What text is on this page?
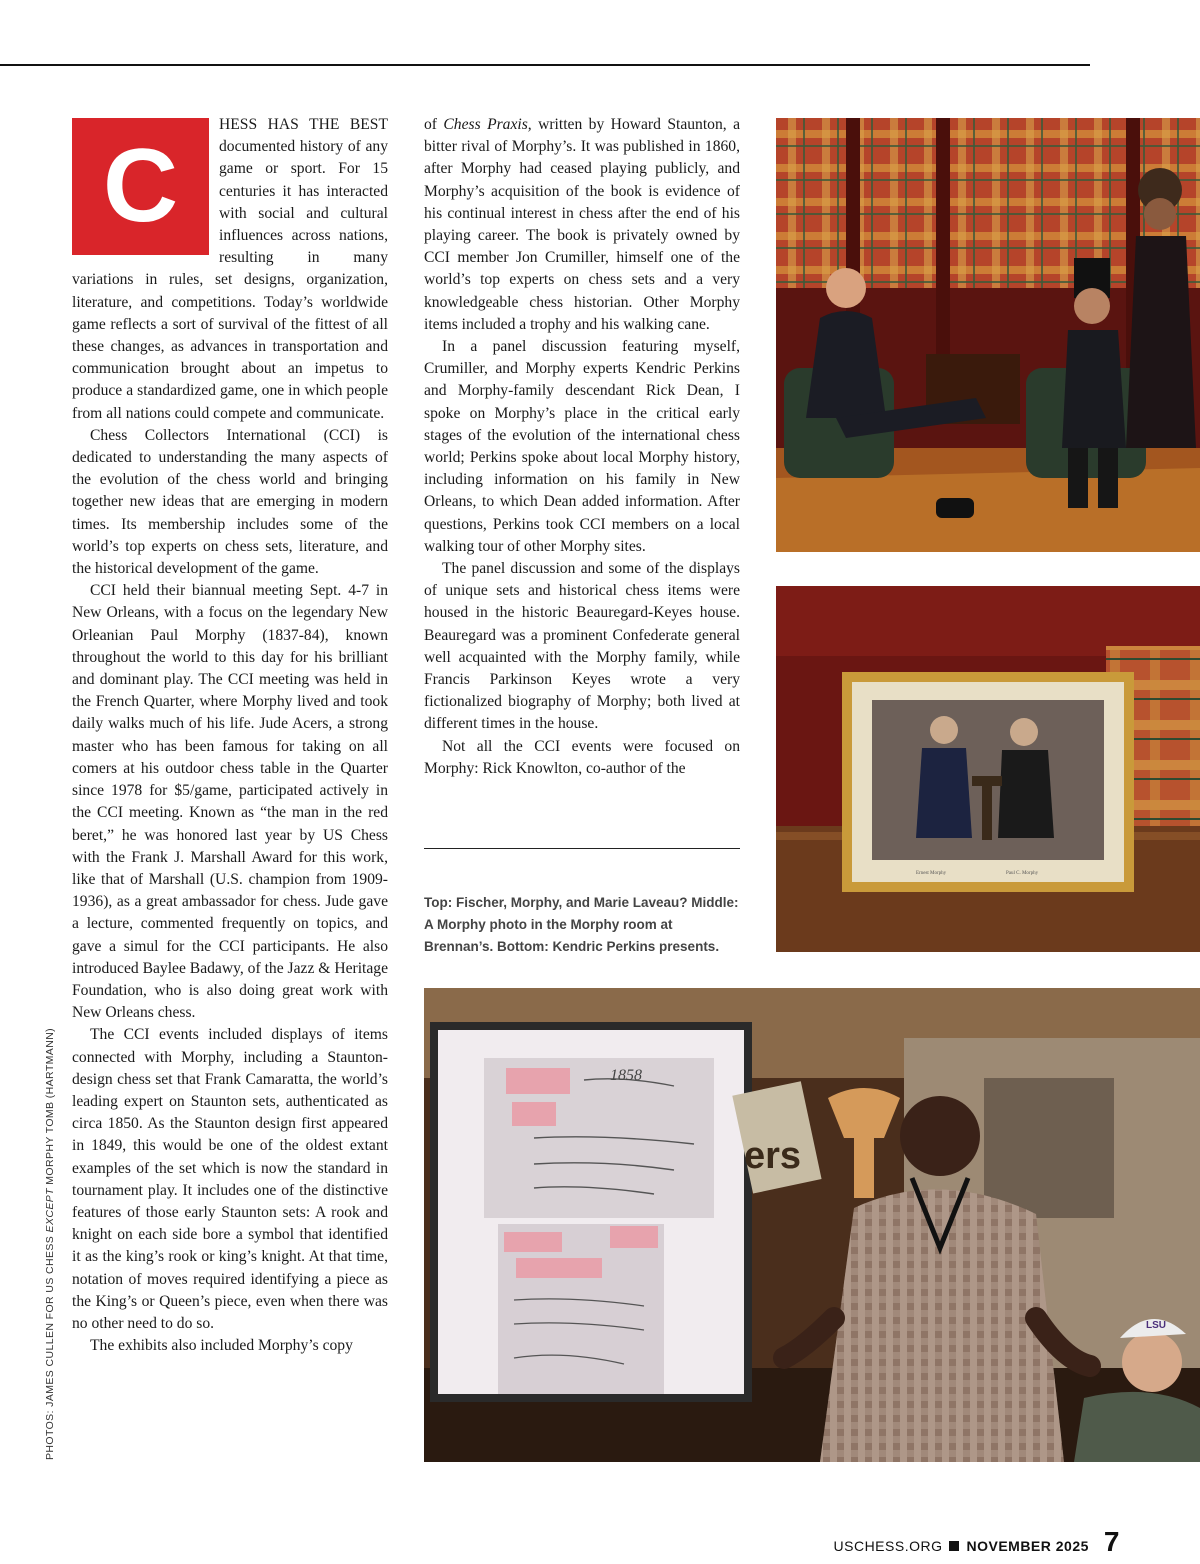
C

HESS HAS THE BEST documented history of any game or sport. For 15 centuries it has interacted with social and cultural influences across nations, resulting in many variations in rules, set designs, organization, literature, and competitions. Today’s worldwide game reflects a sort of survival of the fittest of all these changes, as advances in transportation and communication brought about an impetus to produce a standardized game, one in which people from all nations could compete and communicate.

Chess Collectors International (CCI) is dedicated to understanding the many aspects of the evolution of the chess world and bringing together new ideas that are emerging in modern times. Its membership includes some of the world’s top experts on chess sets, literature, and the historical development of the game.

CCI held their biannual meeting Sept. 4-7 in New Orleans, with a focus on the legendary New Orleanian Paul Morphy (1837-84), known throughout the world to this day for his brilliant and dominant play. The CCI meeting was held in the French Quarter, where Morphy lived and took daily walks much of his life. Jude Acers, a strong master who has been famous for taking on all comers at his outdoor chess table in the Quarter since 1978 for $5/game, participated actively in the CCI meeting. Known as “the man in the red beret,” he was honored last year by US Chess with the Frank J. Marshall Award for this work, like that of Marshall (U.S. champion from 1909-1936), as a great ambassador for chess. Jude gave a lecture, commented frequently on topics, and gave a simul for the CCI participants. He also introduced Baylee Badawy, of the Jazz & Heritage Foundation, who is also doing great work with New Orleans chess.

The CCI events included displays of items connected with Morphy, including a Staunton-design chess set that Frank Camaratta, the world’s leading expert on Staunton sets, authenticated as circa 1850. As the Staunton design first appeared in 1849, this would be one of the oldest extant examples of the set which is now the standard in tournament play. It includes one of the distinctive features of those early Staunton sets: A rook and knight on each side bore a symbol that identified it as the king’s rook or king’s knight. At that time, notation of moves required identifying a piece as the King’s or Queen’s piece, even when there was no other need to do so.

The exhibits also included Morphy’s copy

of Chess Praxis, written by Howard Staunton, a bitter rival of Morphy’s. It was published in 1860, after Morphy had ceased playing publicly, and Morphy’s acquisition of the book is evidence of his continual interest in chess after the end of his playing career. The book is privately owned by CCI member Jon Crumiller, himself one of the world’s top experts on chess sets and a very knowledgeable chess historian. Other Morphy items included a trophy and his walking cane.

In a panel discussion featuring myself, Crumiller, and Morphy experts Kendric Perkins and Morphy-family descendant Rick Dean, I spoke on Morphy’s place in the critical early stages of the evolution of the international chess world; Perkins spoke about local Morphy history, including information on his family in New Orleans, to which Dean added information. After questions, Perkins took CCI members on a local walking tour of other Morphy sites.

The panel discussion and some of the displays of unique sets and historical chess items were housed in the historic Beauregard-Keyes house. Beauregard was a prominent Confederate general well acquainted with the Morphy family, while Francis Parkinson Keyes wrote a very fictionalized biography of Morphy; both lived at different times in the house.

Not all the CCI events were focused on Morphy: Rick Knowlton, co-author of the

Top: Fischer, Morphy, and Marie Laveau? Middle: A Morphy photo in the Morphy room at Brennan’s. Bottom: Kendric Perkins presents.
Ernest Morphy	Paul C. Morphy
1858
ers
LSU
PHOTOS: JAMES CULLEN FOR US CHESS EXCEPT MORPHY TOMB (HARTMANN)
USCHESS.ORG NOVEMBER 2025 7
